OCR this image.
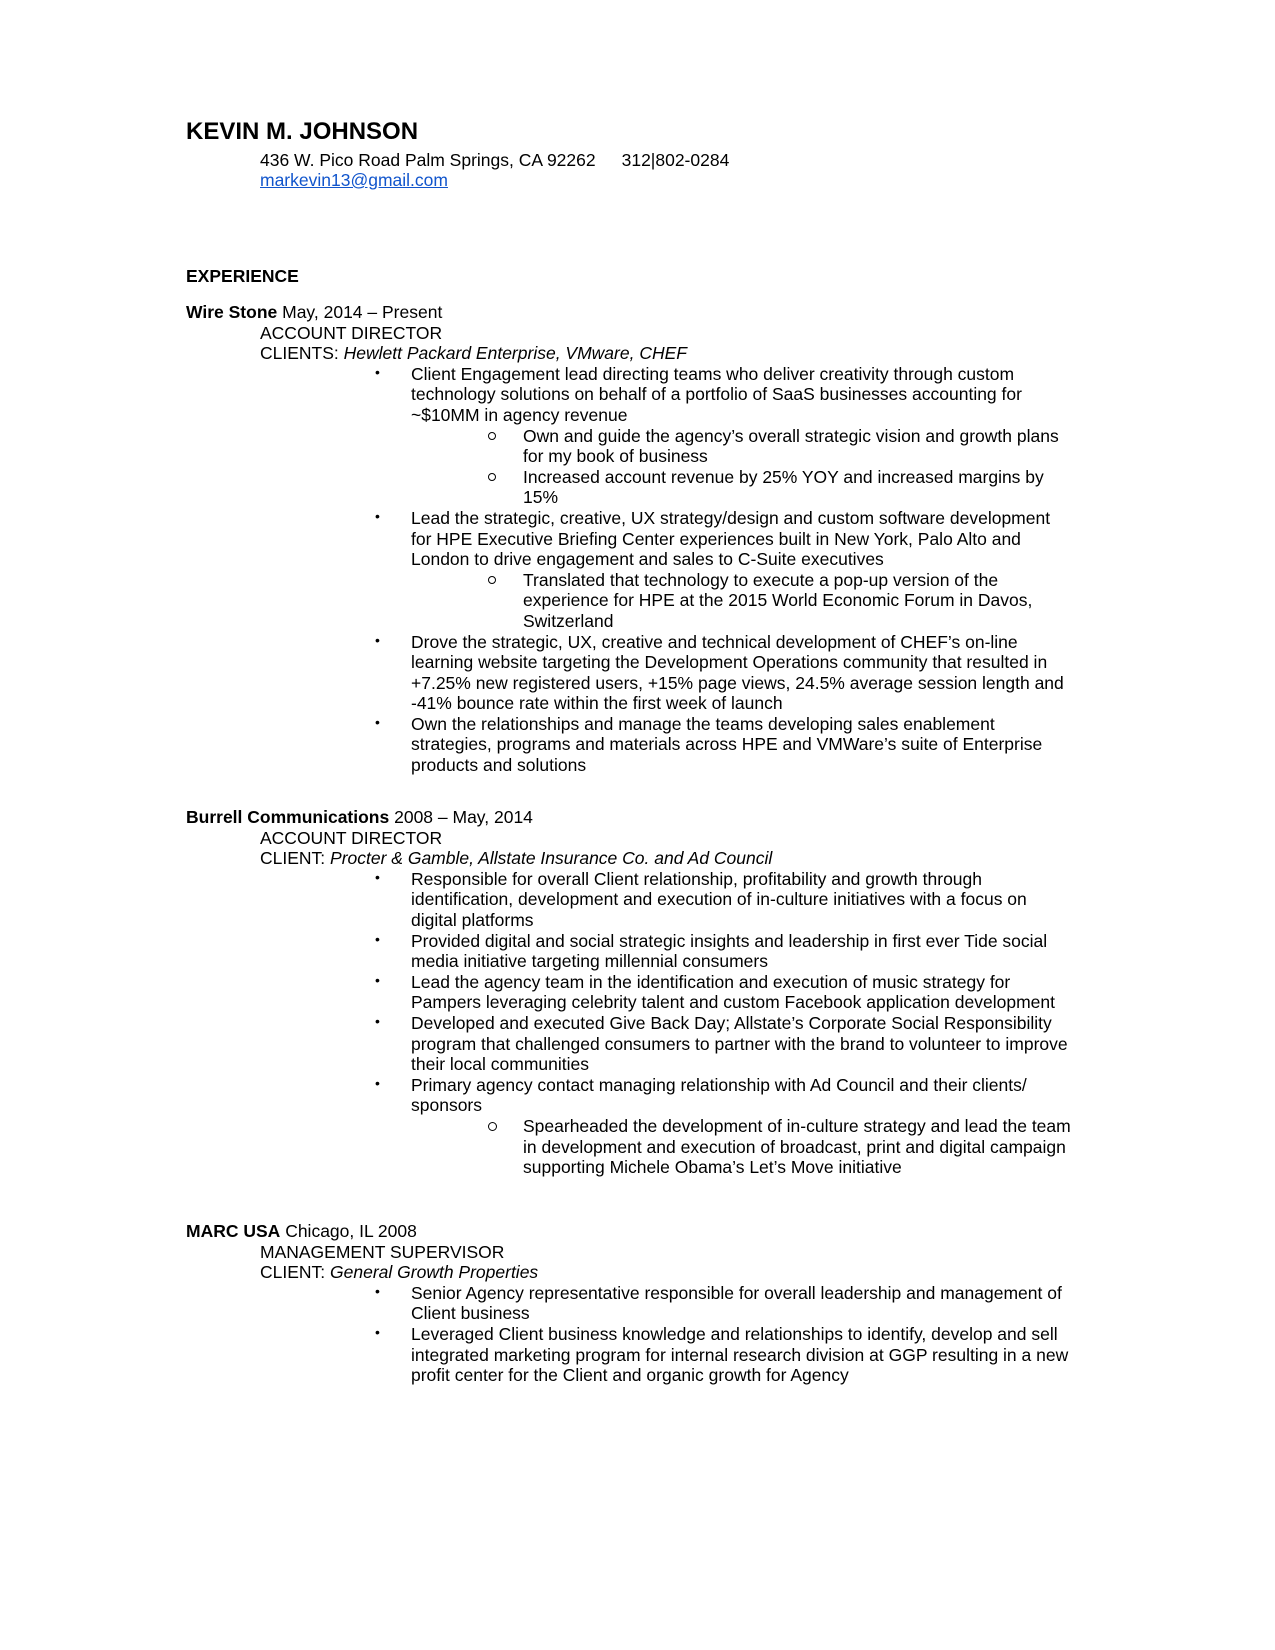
KEVIN M. JOHNSON
436 W. Pico Road Palm Springs, CA 92262 312|802-0284
markevin13@gmail.com
EXPERIENCE
Wire Stone May, 2014 – Present
ACCOUNT DIRECTOR
CLIENTS: Hewlett Packard Enterprise, VMware, CHEF
• Client Engagement lead directing teams who deliver creativity through custom technology solutions on behalf of a portfolio of SaaS businesses accounting for ~$10MM in agency revenue
Own and guide the agency’s overall strategic vision and growth plans for my book of business
Increased account revenue by 25% YOY and increased margins by 15%
• Lead the strategic, creative, UX strategy/design and custom software development for HPE Executive Briefing Center experiences built in New York, Palo Alto and London to drive engagement and sales to C-Suite executives
Translated that technology to execute a pop-up version of the experience for HPE at the 2015 World Economic Forum in Davos, Switzerland
• Drove the strategic, UX, creative and technical development of CHEF’s on-line learning website targeting the Development Operations community that resulted in +7.25% new registered users, +15% page views, 24.5% average session length and -41% bounce rate within the first week of launch
• Own the relationships and manage the teams developing sales enablement strategies, programs and materials across HPE and VMWare’s suite of Enterprise products and solutions
Burrell Communications 2008 – May, 2014
ACCOUNT DIRECTOR
CLIENT: Procter & Gamble, Allstate Insurance Co. and Ad Council
• Responsible for overall Client relationship, profitability and growth through identification, development and execution of in-culture initiatives with a focus on digital platforms
• Provided digital and social strategic insights and leadership in first ever Tide social media initiative targeting millennial consumers
• Lead the agency team in the identification and execution of music strategy for Pampers leveraging celebrity talent and custom Facebook application development
• Developed and executed Give Back Day; Allstate’s Corporate Social Responsibility program that challenged consumers to partner with the brand to volunteer to improve their local communities
• Primary agency contact managing relationship with Ad Council and their clients/ sponsors
Spearheaded the development of in-culture strategy and lead the team in development and execution of broadcast, print and digital campaign supporting Michele Obama’s Let’s Move initiative
MARC USA Chicago, IL 2008
MANAGEMENT SUPERVISOR
CLIENT: General Growth Properties
• Senior Agency representative responsible for overall leadership and management of Client business
• Leveraged Client business knowledge and relationships to identify, develop and sell integrated marketing program for internal research division at GGP resulting in a new profit center for the Client and organic growth for Agency
